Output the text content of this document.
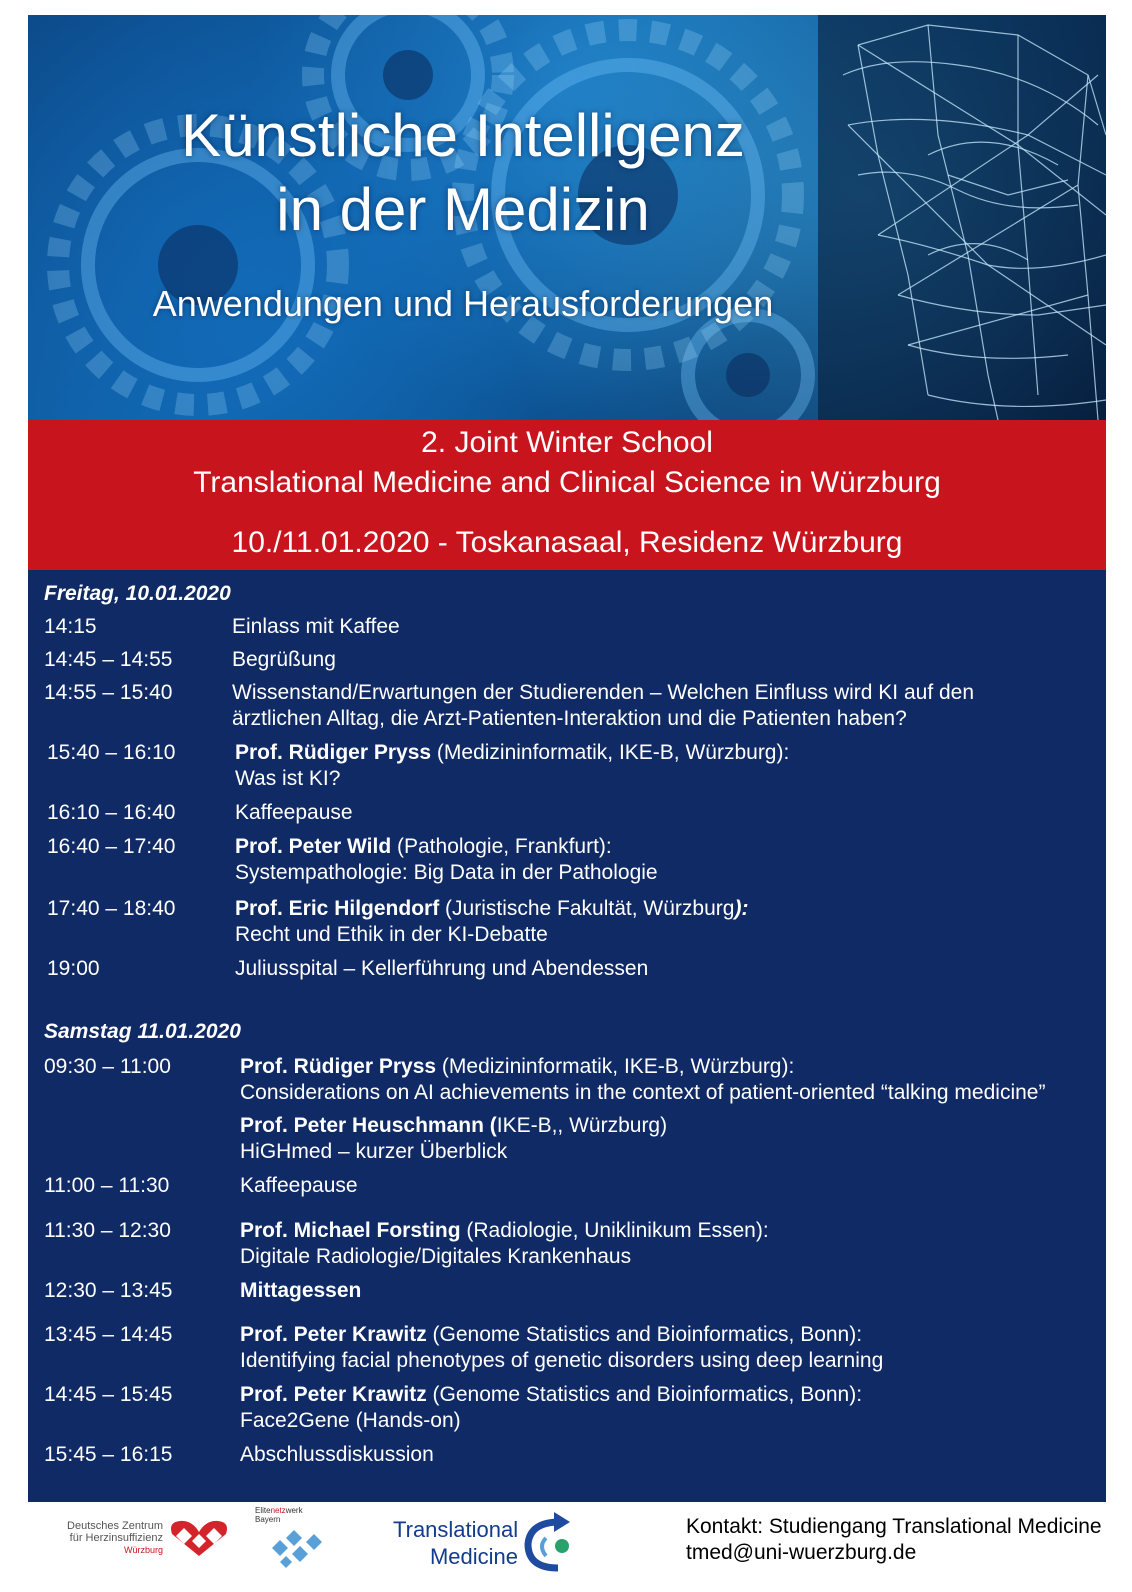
Künstliche Intelligenz
in der Medizin
Anwendungen und Herausforderungen
2. Joint Winter School
Translational Medicine and Clinical Science in Würzburg
10./11.01.2020 - Toskanasaal, Residenz Würzburg
Freitag, 10.01.2020
14:15	Einlass mit Kaffee
14:45 – 14:55	Begrüßung
14:55 – 15:40	Wissenstand/Erwartungen der Studierenden – Welchen Einfluss wird KI auf den
ärztlichen Alltag, die Arzt-Patienten-Interaktion und die Patienten haben?
15:40 – 16:10	Prof. Rüdiger Pryss (Medizininformatik, IKE-B, Würzburg):
Was ist KI?
16:10 – 16:40	Kaffeepause
16:40 – 17:40	Prof. Peter Wild (Pathologie, Frankfurt):
Systempathologie: Big Data in der Pathologie
17:40 – 18:40	Prof. Eric Hilgendorf (Juristische Fakultät, Würzburg):
Recht und Ethik in der KI-Debatte
19:00	Juliusspital – Kellerführung und Abendessen
Samstag 11.01.2020
09:30 – 11:00	Prof. Rüdiger Pryss (Medizininformatik, IKE-B, Würzburg):
Considerations on AI achievements in the context of patient-oriented “talking medicine”
Prof. Peter Heuschmann (IKE-B,, Würzburg)
HiGHmed – kurzer Überblick
11:00 – 11:30	Kaffeepause
11:30 – 12:30	Prof. Michael Forsting (Radiologie, Uniklinikum Essen):
Digitale Radiologie/Digitales Krankenhaus
12:30 – 13:45	Mittagessen
13:45 – 14:45	Prof. Peter Krawitz (Genome Statistics and Bioinformatics, Bonn):
Identifying facial phenotypes of genetic disorders using deep learning
14:45 – 15:45	Prof. Peter Krawitz (Genome Statistics and Bioinformatics, Bonn):
Face2Gene (Hands-on)
15:45 – 16:15	Abschlussdiskussion
Deutsches Zentrum
für Herzinsuffizienz
Würzburg
Elitenetzwerk
Bayern	Translational
Medicine
Kontakt: Studiengang Translational Medicine
tmed@uni-wuerzburg.de
